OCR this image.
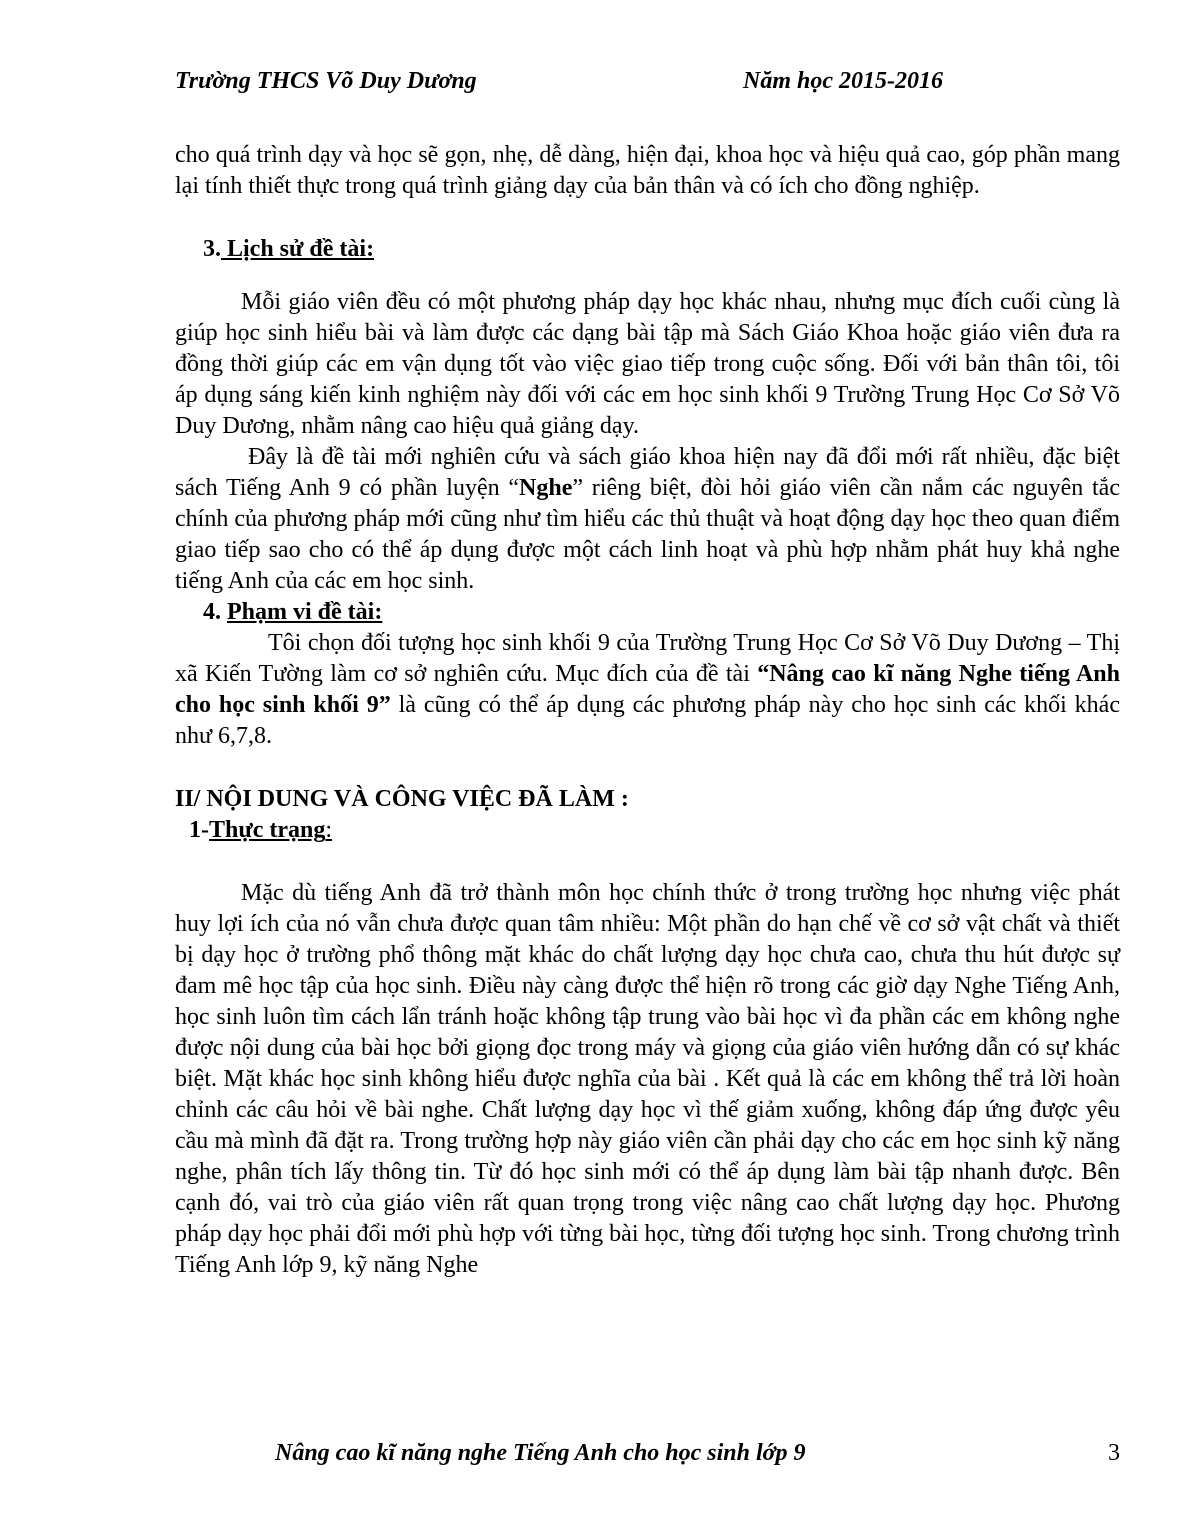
Trường THCS Võ Duy Dương	Năm học 2015-2016

cho quá trình dạy và học sẽ gọn, nhẹ, dễ dàng, hiện đại, khoa học và hiệu quả cao, góp phần mang lại tính thiết thực trong quá trình giảng dạy của bản thân và có ích cho đồng nghiệp.

3. Lịch sử đề tài:

Mỗi giáo viên đều có một phương pháp dạy học khác nhau, nhưng mục đích cuối cùng là giúp học sinh hiểu bài và làm được các dạng bài tập mà Sách Giáo Khoa hoặc giáo viên đưa ra đồng thời giúp các em vận dụng tốt vào việc giao tiếp trong cuộc sống. Đối với bản thân tôi, tôi áp dụng sáng kiến kinh nghiệm này đối với các em học sinh khối 9 Trường Trung Học Cơ Sở Võ Duy Dương, nhằm nâng cao hiệu quả giảng dạy.

Đây là đề tài mới nghiên cứu và sách giáo khoa hiện nay đã đổi mới rất nhiều, đặc biệt sách Tiếng Anh 9 có phần luyện “Nghe” riêng biệt, đòi hỏi giáo viên cần nắm các nguyên tắc chính của phương pháp mới cũng như tìm hiểu các thủ thuật và hoạt động dạy học theo quan điểm giao tiếp sao cho có thể áp dụng được một cách linh hoạt và phù hợp nhằm phát huy khả nghe tiếng Anh của các em học sinh.

4. Phạm vi đề tài:

Tôi chọn đối tượng học sinh khối 9 của Trường Trung Học Cơ Sở Võ Duy Dương – Thị xã Kiến Tường làm cơ sở nghiên cứu. Mục đích của đề tài “Nâng cao kĩ năng Nghe tiếng Anh cho học sinh khối 9” là cũng có thể áp dụng các phương pháp này cho học sinh các khối khác như 6,7,8.

II/ NỘI DUNG VÀ CÔNG VIỆC ĐÃ LÀM :

1-Thực trạng:

Mặc dù tiếng Anh đã trở thành môn học chính thức ở trong trường học nhưng việc phát huy lợi ích của nó vẫn chưa được quan tâm nhiều: Một phần do hạn chế về cơ sở vật chất và thiết bị dạy học ở trường phổ thông mặt khác do chất lượng dạy học chưa cao, chưa thu hút được sự đam mê học tập của học sinh. Điều này càng được thể hiện rõ trong các giờ dạy Nghe Tiếng Anh, học sinh luôn tìm cách lẩn tránh hoặc không tập trung vào bài học vì đa phần các em không nghe được nội dung của bài học bởi giọng đọc trong máy và giọng của giáo viên hướng dẫn có sự khác biệt. Mặt khác học sinh không hiểu được nghĩa của bài . Kết quả là các em không thể trả lời hoàn chỉnh các câu hỏi về bài nghe. Chất lượng dạy học vì thế giảm xuống, không đáp ứng được yêu cầu mà mình đã đặt ra. Trong trường hợp này giáo viên cần phải dạy cho các em học sinh kỹ năng nghe, phân tích lấy thông tin. Từ đó học sinh mới có thể áp dụng làm bài tập nhanh được. Bên cạnh đó, vai trò của giáo viên rất quan trọng trong việc nâng cao chất lượng dạy học. Phương pháp dạy học phải đổi mới phù hợp với từng bài học, từng đối tượng học sinh. Trong chương trình Tiếng Anh lớp 9, kỹ năng Nghe

Nâng cao kĩ năng nghe Tiếng Anh cho học sinh lớp 9	3
